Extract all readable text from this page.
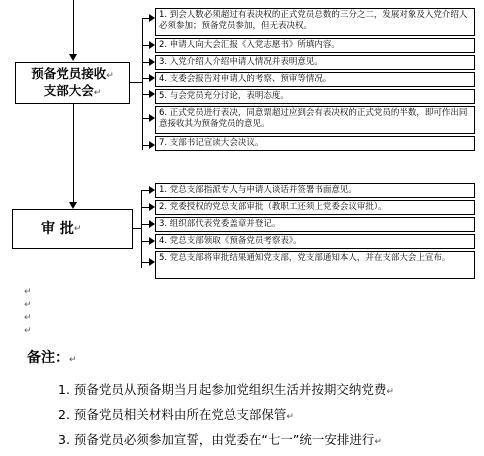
预备党员接收↵
支部大会↵
1. 到会人数必须超过有表决权的正式党员总数的三分之二，发展对象及入党介绍人必须参加；预备党员参加，但无表决权。
2. 申请人向大会汇报《入党志愿书》所填内容。
3. 入党介绍人介绍申请人情况并表明意见。
4. 支委会报告对申请人的考察、预审等情况。
5. 与会党员充分讨论，表明态度。
6. 正式党员进行表决，同意票超过应到会有表决权的正式党员的半数，即可作出同意接收其为预备党员的意见。
7. 支部书记宣读大会决议。
审 批 ↵
1. 党总支部指派专人与申请人谈话并签署书面意见。
2. 党委授权的党总支部审批（教职工还须上党委会议审批）。
3. 组织部代表党委盖章并登记。
4. 党总支部领取《预备党员考察表》。
5. 党总支部将审批结果通知党支部，党支部通知本人，并在支部大会上宣布。
↵
↵
↵
↵
备注：↵
1. 预备党员从预备期当月起参加党组织生活并按期交纳党费↵
2. 预备党员相关材料由所在党总支部保管↵
3. 预备党员必须参加宣誓，由党委在“七一”统一安排进行↵
